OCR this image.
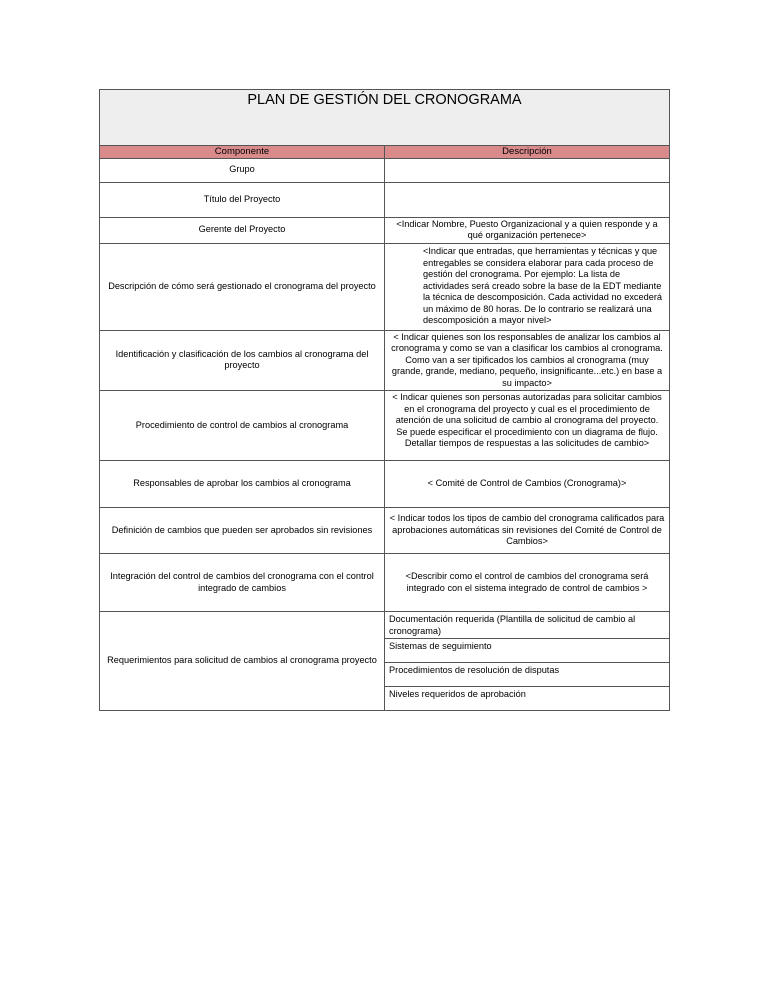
PLAN DE GESTIÓN DEL CRONOGRAMA	
Componente	Descripción
Grupo	
Título del Proyecto	
Gerente del Proyecto	<Indicar Nombre, Puesto Organizacional y a quien responde y a qué organización pertenece>
Descripción de cómo será gestionado el cronograma del proyecto	<Indicar que entradas, que herramientas y técnicas y que entregables se considera elaborar para cada proceso de gestión del cronograma. Por ejemplo: La lista de actividades será creado sobre la base de la EDT mediante la técnica de descomposición. Cada actividad no excederá un máximo de 80 horas. De lo contrario se realizará una descomposición a mayor nivel>
Identificación y clasificación de los cambios al cronograma del proyecto	< Indicar quienes son los responsables de analizar los cambios al cronograma y como se van a clasificar los cambios al cronograma. Como van a ser tipificados los cambios al cronograma (muy grande, grande, mediano, pequeño, insignificante...etc.) en base a su impacto>
Procedimiento de control de cambios al cronograma	< Indicar quienes son personas autorizadas para solicitar cambios en el cronograma del proyecto y cual es el procedimiento de atención de una solicitud de cambio al cronograma del proyecto. Se puede especificar el procedimiento con un diagrama de flujo. Detallar tiempos de respuestas a las solicitudes de cambio>
Responsables de aprobar los cambios al cronograma	< Comité de Control de Cambios (Cronograma)>
Definición de cambios que pueden ser aprobados sin revisiones	< Indicar todos los tipos de cambio del cronograma calificados para aprobaciones automáticas sin revisiones del Comité de Control de Cambios>
Integración del control de cambios del cronograma con el control integrado de cambios	<Describir como el control de cambios del cronograma será integrado con el sistema integrado de control de cambios >
Requerimientos para solicitud de cambios al cronograma proyecto	Documentación requerida (Plantilla de solicitud de cambio al cronograma)
	Sistemas de seguimiento
	Procedimientos de resolución de disputas
	Niveles requeridos de aprobación
